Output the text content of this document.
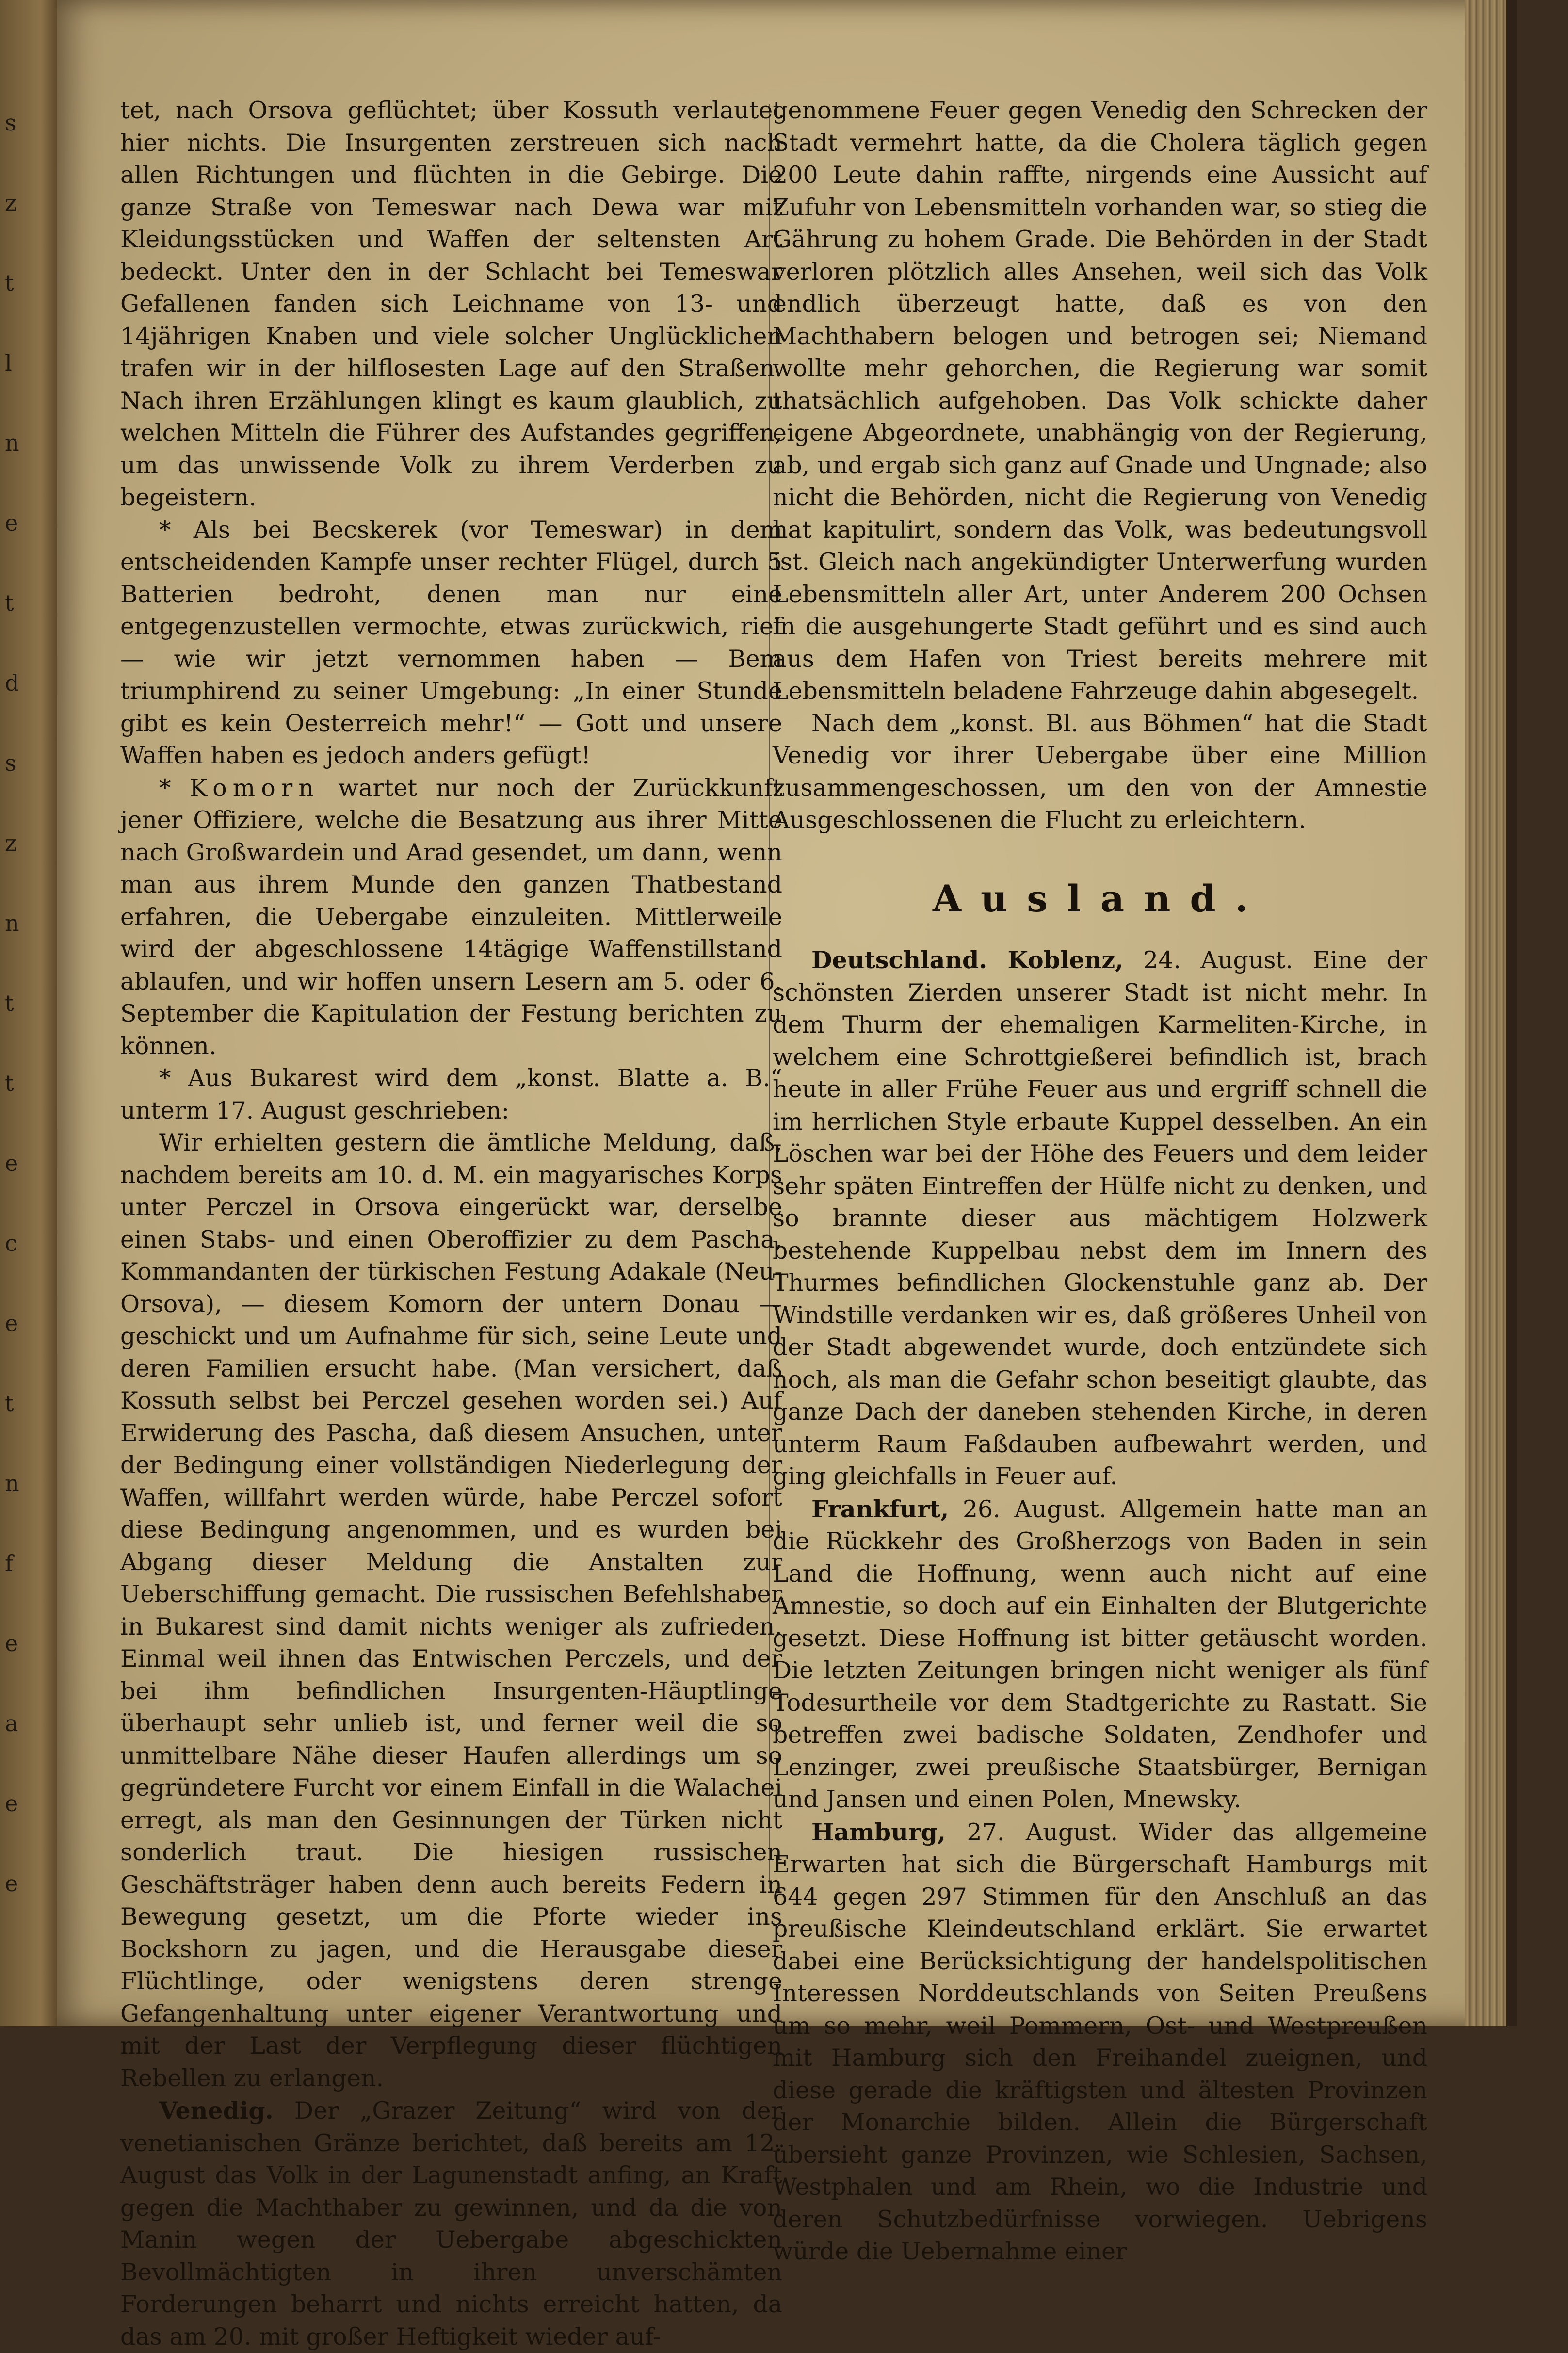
s
z
t
l
n
e
t
d
s
z
n
t
t
e
c
e
t
n
f
e
a
e
e

tet, nach Orsova geflüchtet; über Kossuth verlautet hier nichts. Die Insurgenten zerstreuen sich nach allen Richtungen und flüchten in die Gebirge. Die ganze Straße von Temeswar nach Dewa war mit Kleidungsstücken und Waffen der seltensten Art bedeckt. Unter den in der Schlacht bei Temeswar Gefallenen fanden sich Leichname von 13- und 14jährigen Knaben und viele solcher Unglücklichen trafen wir in der hilflosesten Lage auf den Straßen. Nach ihren Erzählungen klingt es kaum glaublich, zu welchen Mitteln die Führer des Aufstandes gegriffen, um das unwissende Volk zu ihrem Verderben zu begeistern.

* Als bei Becskerek (vor Temeswar) in dem entscheidenden Kampfe unser rechter Flügel, durch 5 Batterien bedroht, denen man nur eine entgegenzustellen vermochte, etwas zurückwich, rief — wie wir jetzt vernommen haben — Bem triumphirend zu seiner Umgebung: „In einer Stunde gibt es kein Oesterreich mehr!“ — Gott und unsere Waffen haben es jedoch anders gefügt!

* Komorn wartet nur noch der Zurückkunft jener Offiziere, welche die Besatzung aus ihrer Mitte nach Großwardein und Arad gesendet, um dann, wenn man aus ihrem Munde den ganzen Thatbestand erfahren, die Uebergabe einzuleiten. Mittlerweile wird der abgeschlossene 14tägige Waffenstillstand ablaufen, und wir hoffen unsern Lesern am 5. oder 6. September die Kapitulation der Festung berichten zu können.

* Aus Bukarest wird dem „konst. Blatte a. B.“ unterm 17. August geschrieben:

Wir erhielten gestern die ämtliche Meldung, daß, nachdem bereits am 10. d. M. ein magyarisches Korps unter Perczel in Orsova eingerückt war, derselbe einen Stabs- und einen Oberoffizier zu dem Pascha, Kommandanten der türkischen Festung Adakale (Neu-Orsova), — diesem Komorn der untern Donau — geschickt und um Aufnahme für sich, seine Leute und deren Familien ersucht habe. (Man versichert, daß Kossuth selbst bei Perczel gesehen worden sei.) Auf Erwiderung des Pascha, daß diesem Ansuchen, unter der Bedingung einer vollständigen Niederlegung der Waffen, willfahrt werden würde, habe Perczel sofort diese Bedingung angenommen, und es wurden bei Abgang dieser Meldung die Anstalten zur Ueberschiffung gemacht. Die russischen Befehlshaber in Bukarest sind damit nichts weniger als zufrieden. Einmal weil ihnen das Entwischen Perczels, und der bei ihm befindlichen Insurgenten-Häuptlinge überhaupt sehr unlieb ist, und ferner weil die so unmittelbare Nähe dieser Haufen allerdings um so gegründetere Furcht vor einem Einfall in die Walachei erregt, als man den Gesinnungen der Türken nicht sonderlich traut. Die hiesigen russischen Geschäftsträger haben denn auch bereits Federn in Bewegung gesetzt, um die Pforte wieder ins Bockshorn zu jagen, und die Herausgabe dieser Flüchtlinge, oder wenigstens deren strenge Gefangenhaltung unter eigener Verantwortung und mit der Last der Verpflegung dieser flüchtigen Rebellen zu erlangen.

Venedig. Der „Grazer Zeitung“ wird von der venetianischen Gränze berichtet, daß bereits am 12. August das Volk in der Lagunenstadt anfing, an Kraft gegen die Machthaber zu gewinnen, und da die von Manin wegen der Uebergabe abgeschickten Bevollmächtigten in ihren unverschämten Forderungen beharrt und nichts erreicht hatten, da das am 20. mit großer Heftigkeit wieder auf-

genommene Feuer gegen Venedig den Schrecken der Stadt vermehrt hatte, da die Cholera täglich gegen 200 Leute dahin raffte, nirgends eine Aussicht auf Zufuhr von Lebensmitteln vorhanden war, so stieg die Gährung zu hohem Grade. Die Behörden in der Stadt verloren plötzlich alles Ansehen, weil sich das Volk endlich überzeugt hatte, daß es von den Machthabern belogen und betrogen sei; Niemand wollte mehr gehorchen, die Regierung war somit thatsächlich aufgehoben. Das Volk schickte daher eigene Abgeordnete, unabhängig von der Regierung, ab, und ergab sich ganz auf Gnade und Ungnade; also nicht die Behörden, nicht die Regierung von Venedig hat kapitulirt, sondern das Volk, was bedeutungsvoll ist. Gleich nach angekündigter Unterwerfung wurden Lebensmitteln aller Art, unter Anderem 200 Ochsen in die ausgehungerte Stadt geführt und es sind auch aus dem Hafen von Triest bereits mehrere mit Lebensmitteln beladene Fahrzeuge dahin abgesegelt.

Nach dem „konst. Bl. aus Böhmen“ hat die Stadt Venedig vor ihrer Uebergabe über eine Million zusammengeschossen, um den von der Amnestie Ausgeschlossenen die Flucht zu erleichtern.

Ausland.

Deutschland. Koblenz, 24. August. Eine der schönsten Zierden unserer Stadt ist nicht mehr. In dem Thurm der ehemaligen Karmeliten-Kirche, in welchem eine Schrottgießerei befindlich ist, brach heute in aller Frühe Feuer aus und ergriff schnell die im herrlichen Style erbaute Kuppel desselben. An ein Löschen war bei der Höhe des Feuers und dem leider sehr späten Eintreffen der Hülfe nicht zu denken, und so brannte dieser aus mächtigem Holzwerk bestehende Kuppelbau nebst dem im Innern des Thurmes befindlichen Glockenstuhle ganz ab. Der Windstille verdanken wir es, daß größeres Unheil von der Stadt abgewendet wurde, doch entzündete sich noch, als man die Gefahr schon beseitigt glaubte, das ganze Dach der daneben stehenden Kirche, in deren unterm Raum Faßdauben aufbewahrt werden, und ging gleichfalls in Feuer auf.

Frankfurt, 26. August. Allgemein hatte man an die Rückkehr des Großherzogs von Baden in sein Land die Hoffnung, wenn auch nicht auf eine Amnestie, so doch auf ein Einhalten der Blutgerichte gesetzt. Diese Hoffnung ist bitter getäuscht worden. Die letzten Zeitungen bringen nicht weniger als fünf Todesurtheile vor dem Stadtgerichte zu Rastatt. Sie betreffen zwei badische Soldaten, Zendhofer und Lenzinger, zwei preußische Staatsbürger, Bernigan und Jansen und einen Polen, Mnewsky.

Hamburg, 27. August. Wider das allgemeine Erwarten hat sich die Bürgerschaft Hamburgs mit 644 gegen 297 Stimmen für den Anschluß an das preußische Kleindeutschland erklärt. Sie erwartet dabei eine Berücksichtigung der handelspolitischen Interessen Norddeutschlands von Seiten Preußens um so mehr, weil Pommern, Ost- und Westpreußen mit Hamburg sich den Freihandel zueignen, und diese gerade die kräftigsten und ältesten Provinzen der Monarchie bilden. Allein die Bürgerschaft übersieht ganze Provinzen, wie Schlesien, Sachsen, Westphalen und am Rhein, wo die Industrie und deren Schutzbedürfnisse vorwiegen. Uebrigens würde die Uebernahme einer
